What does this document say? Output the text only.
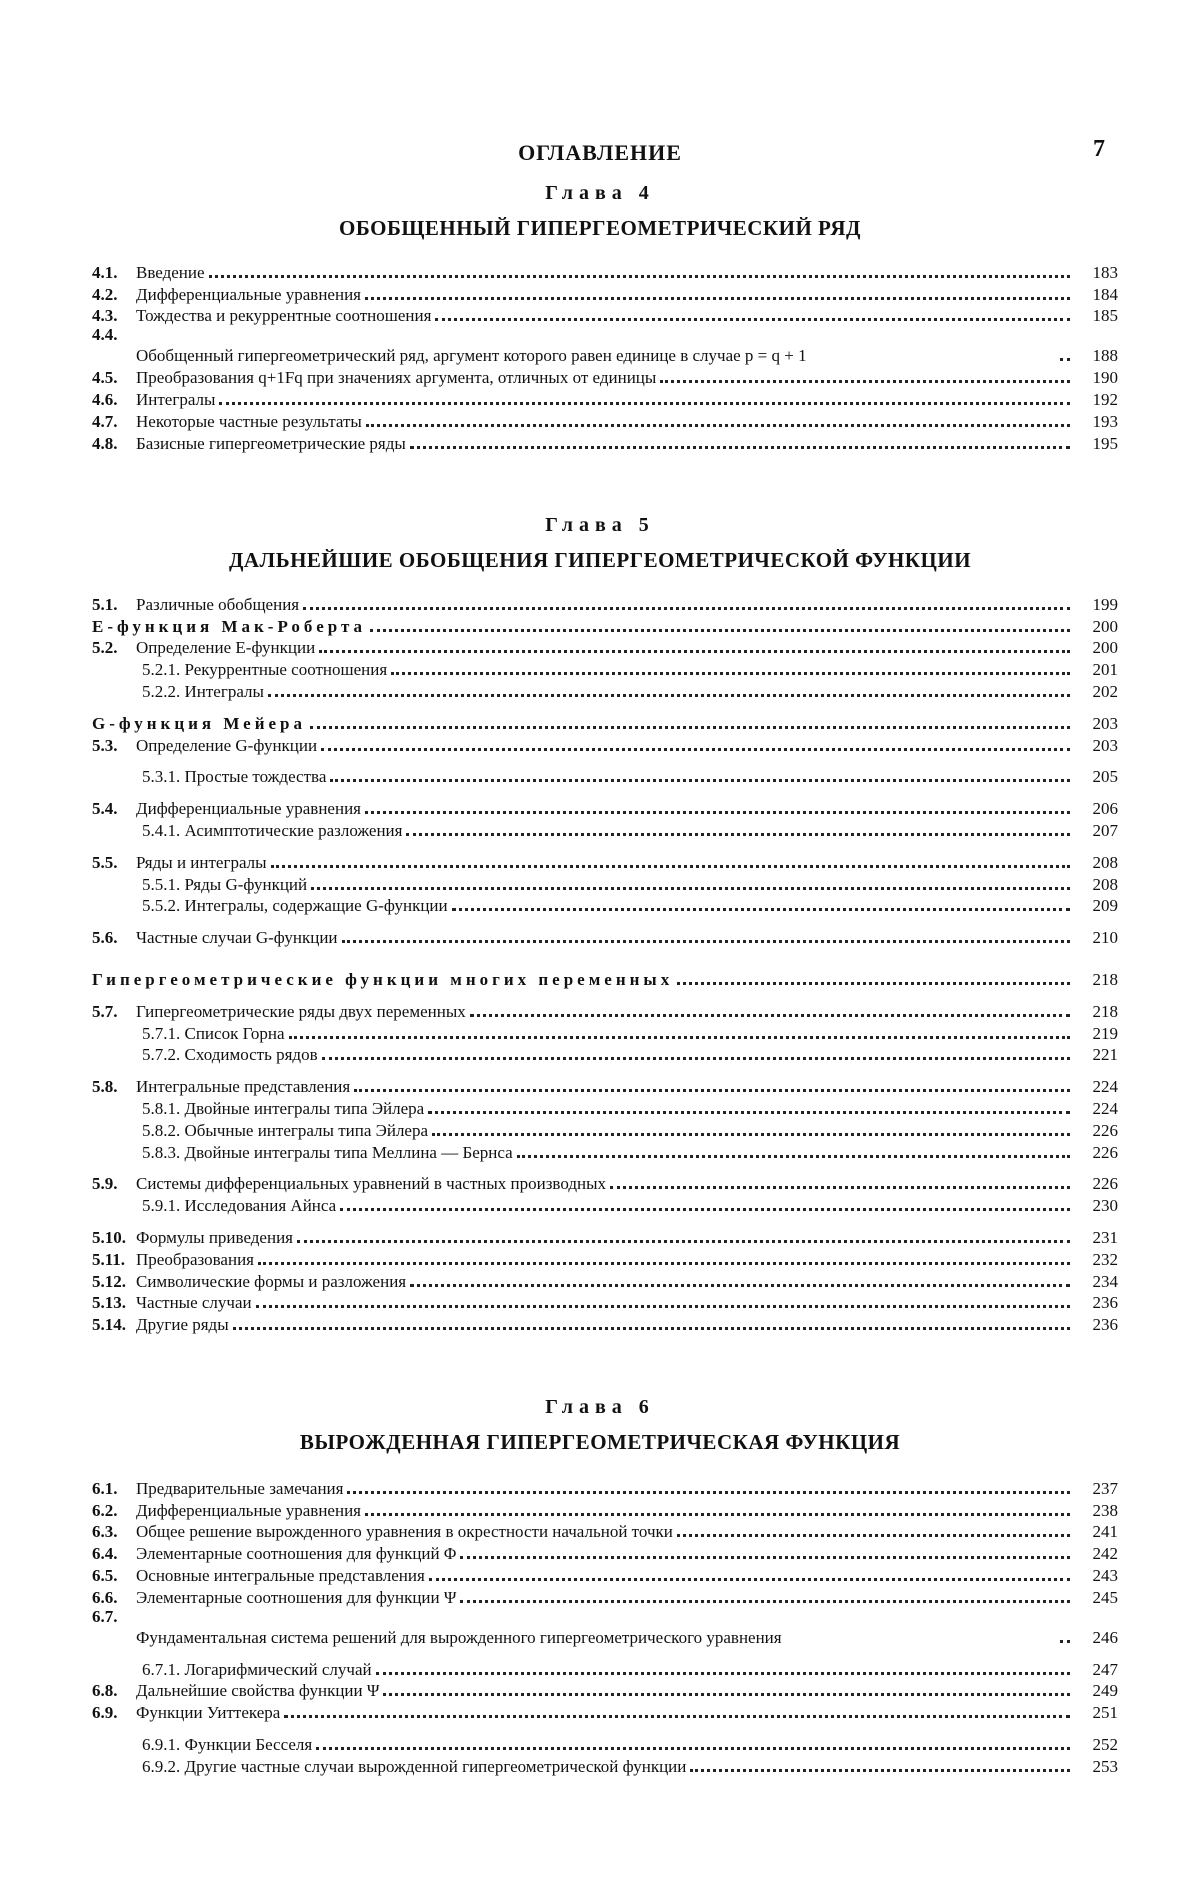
ОГЛАВЛЕНИЕ	7
Глава 4
ОБОБЩЕННЫЙ ГИПЕРГЕОМЕТРИЧЕСКИЙ РЯД
4.1.	Введение	183
4.2.	Дифференциальные уравнения	184
4.3.	Тождества и рекуррентные соотношения	185
4.4.
Обобщенный гипергеометрический ряд, аргумент которого равен единице в случае p = q + 1	188
4.5.	Преобразования q+1Fq при значениях аргумента, отличных от единицы	190
4.6.	Интегралы	192
4.7.	Некоторые частные результаты	193
4.8.	Базисные гипергеометрические ряды	195
Глава 5
ДАЛЬНЕЙШИЕ ОБОБЩЕНИЯ ГИПЕРГЕОМЕТРИЧЕСКОЙ ФУНКЦИИ
5.1.	Различные обобщения	199
E-функция Мак-Роберта	200
5.2.	Определение E-функции	200
5.2.1. Рекуррентные соотношения	201
5.2.2. Интегралы	202
G-функция Мейера	203
5.3.	Определение G-функции	203
5.3.1. Простые тождества	205
5.4.	Дифференциальные уравнения	206
5.4.1. Асимптотические разложения	207
5.5.	Ряды и интегралы	208
5.5.1. Ряды G-функций	208
5.5.2. Интегралы, содержащие G-функции	209
5.6.	Частные случаи G-функции	210
Гипергеометрические функции многих переменных	218
5.7.	Гипергеометрические ряды двух переменных	218
5.7.1. Список Горна	219
5.7.2. Сходимость рядов	221
5.8.	Интегральные представления	224
5.8.1. Двойные интегралы типа Эйлера	224
5.8.2. Обычные интегралы типа Эйлера	226
5.8.3. Двойные интегралы типа Меллина — Бернса	226
5.9.	Системы дифференциальных уравнений в частных производных	226
5.9.1. Исследования Айнса	230
5.10. Формулы приведения	231
5.11. Преобразования	232
5.12. Символические формы и разложения	234
5.13. Частные случаи	236
5.14. Другие ряды	236
Глава 6
ВЫРОЖДЕННАЯ ГИПЕРГЕОМЕТРИЧЕСКАЯ ФУНКЦИЯ
6.1.	Предварительные замечания	237
6.2.	Дифференциальные уравнения	238
6.3.	Общее решение вырожденного уравнения в окрестности начальной точки	241
6.4.	Элементарные соотношения для функций Φ	242
6.5.	Основные интегральные представления	243
6.6.	Элементарные соотношения для функции Ψ	245
6.7.
Фундаментальная система решений для вырожденного гипергеометрического уравнения	246
6.7.1. Логарифмический случай	247
6.8.	Дальнейшие свойства функции Ψ	249
6.9.	Функции Уиттекера	251
6.9.1. Функции Бесселя	252
6.9.2. Другие частные случаи вырожденной гипергеометрической функции	253
